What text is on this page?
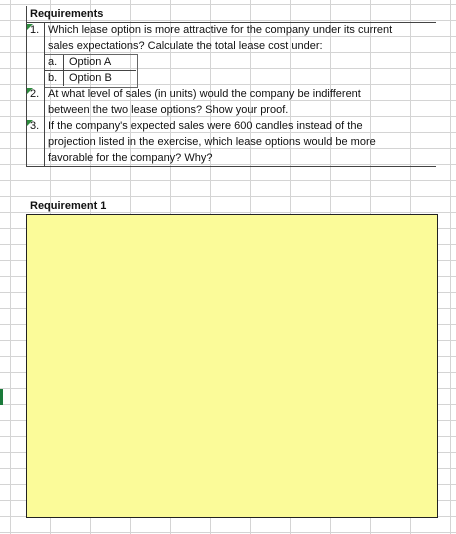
Requirements
1. Which lease option is more attractive for the company under its current
sales expectations? Calculate the total lease cost under:
a. Option A
b. Option B
2. At what level of sales (in units) would the company be indifferent
between the two lease options? Show your proof.
3. If the company's expected sales were 600 candles instead of the
projection listed in the exercise, which lease options would be more
favorable for the company? Why?
Requirement 1
